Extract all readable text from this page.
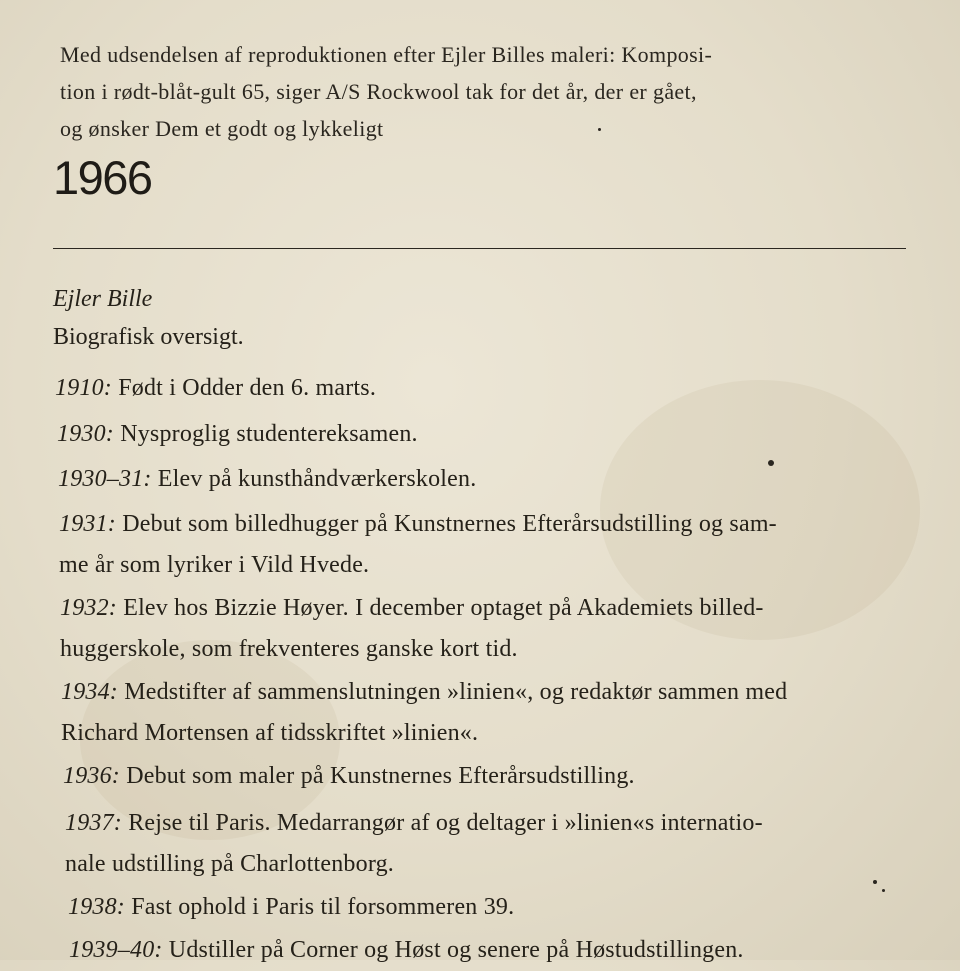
Med udsendelsen af reproduktionen efter Ejler Billes maleri: Komposi-
tion i rødt-blåt-gult 65, siger A/S Rockwool tak for det år, der er gået,
og ønsker Dem et godt og lykkeligt
1966
Ejler Bille
Biografisk oversigt.
1910: Født i Odder den 6. marts.
1930: Nysproglig studentereksamen.
1930–31: Elev på kunsthåndværkerskolen.
1931: Debut som billedhugger på Kunstnernes Efterårsudstilling og sam-
me år som lyriker i Vild Hvede.
1932: Elev hos Bizzie Høyer. I december optaget på Akademiets billed-
huggerskole, som frekventeres ganske kort tid.
1934: Medstifter af sammenslutningen »linien«, og redaktør sammen med
Richard Mortensen af tidsskriftet »linien«.
1936: Debut som maler på Kunstnernes Efterårsudstilling.
1937: Rejse til Paris. Medarrangør af og deltager i »linien«s internatio-
nale udstilling på Charlottenborg.
1938: Fast ophold i Paris til forsommeren 39.
1939–40: Udstiller på Corner og Høst og senere på Høstudstillingen.
